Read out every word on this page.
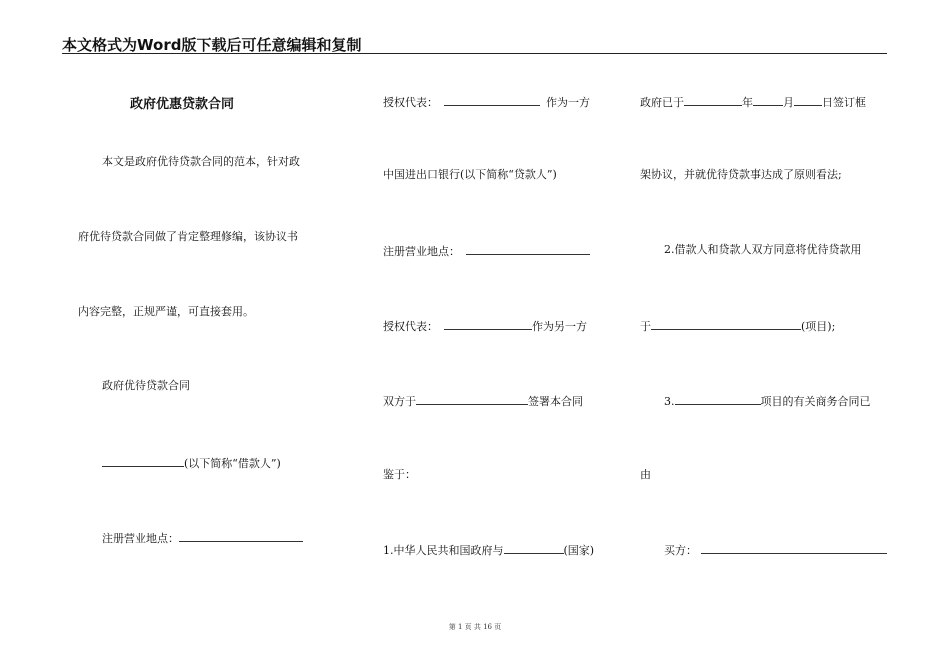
本文格式为Word版下载后可任意编辑和复制
政府优惠贷款合同
本文是政府优待贷款合同的范本，针对政
府优待贷款合同做了肯定整理修编，该协议书
内容完整，正规严谨，可直接套用。
政府优待贷款合同
(以下简称“借款人”)
注册营业地点：
授权代表：	作为一方
中国进出口银行(以下简称“贷款人”)
注册营业地点：
授权代表：	作为另一方
双方于	签署本合同
鉴于：
1.中华人民共和国政府与	(国家)
政府已于	年	月	日签订框
架协议，并就优待贷款事达成了原则看法;
2.借款人和贷款人双方同意将优待贷款用
于	(项目);
3.	项目的有关商务合同已
由
买方：
第 1 页 共 16 页
